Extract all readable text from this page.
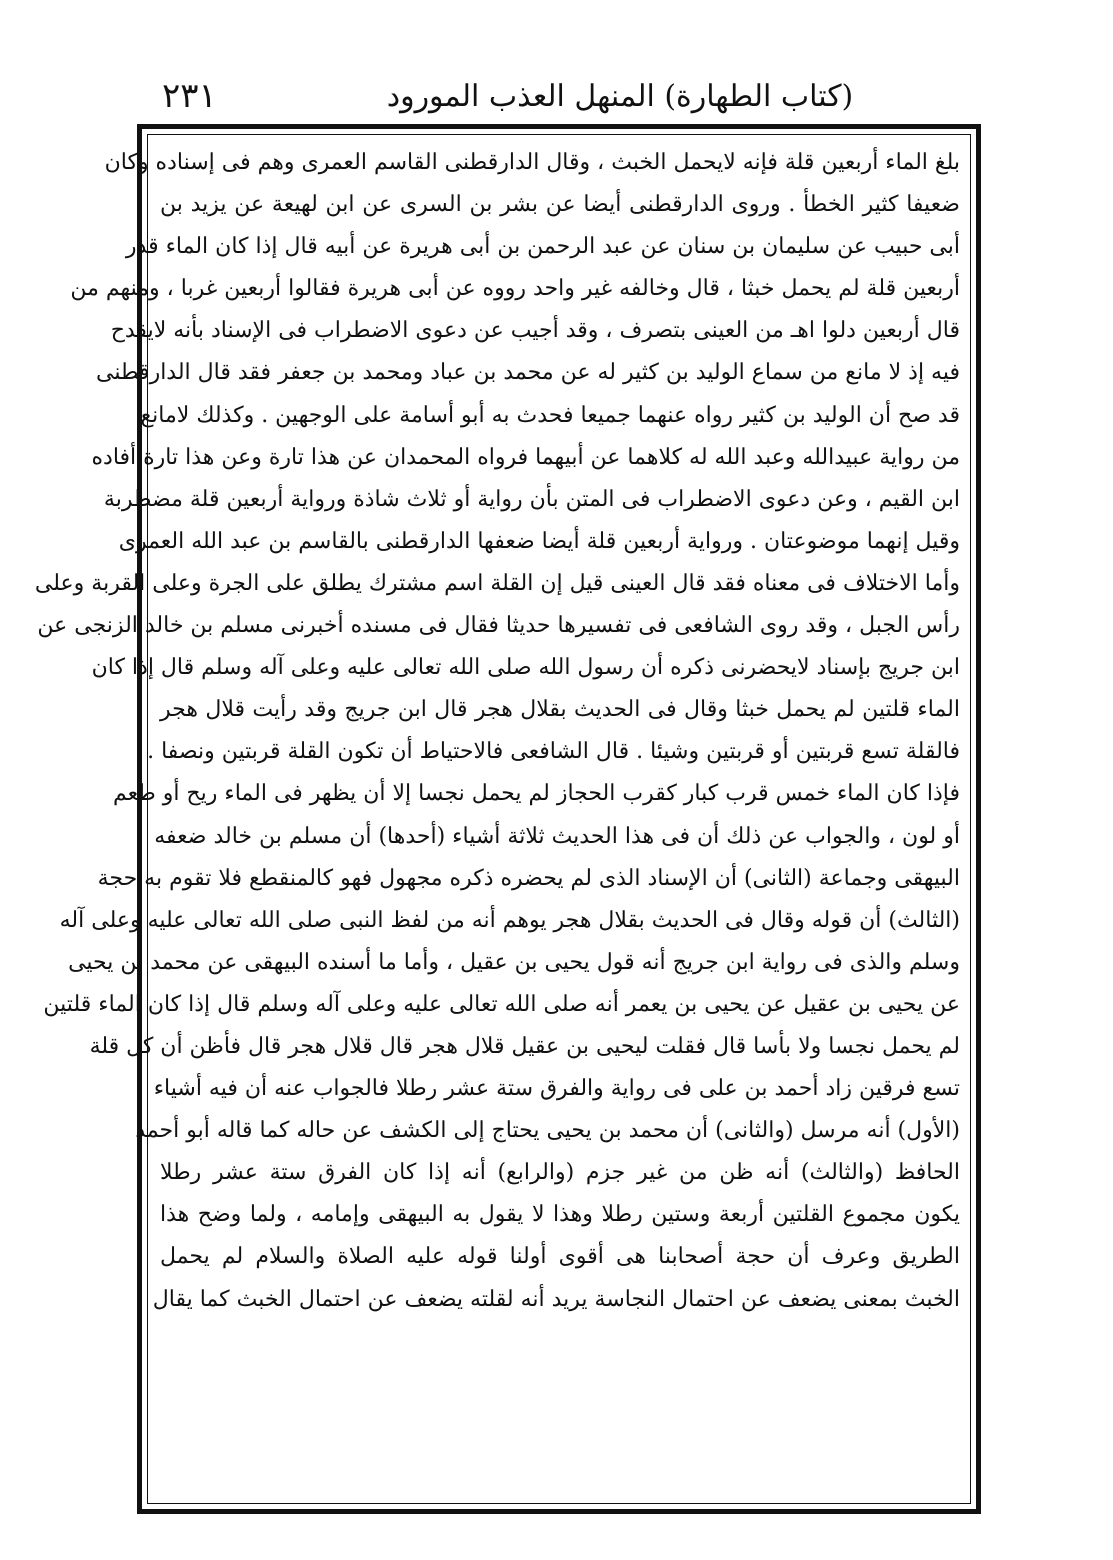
٢٣١	(كتاب الطهارة) المنهل العذب المورود
بلغ الماء أربعين قلة فإنه لايحمل الخبث ، وقال الدارقطنى القاسم العمرى وهم فى إسناده وكان
ضعيفا كثير الخطأ . وروى الدارقطنى أيضا عن بشر بن السرى عن ابن لهيعة عن يزيد بن
أبى حبيب عن سليمان بن سنان عن عبد الرحمن بن أبى هريرة عن أبيه قال إذا كان الماء قدر
أربعين قلة لم يحمل خبثا ، قال وخالفه غير واحد رووه عن أبى هريرة فقالوا أربعين غربا ، ومنهم من
قال أربعين دلوا اهـ من العينى بتصرف ، وقد أجيب عن دعوى الاضطراب فى الإسناد بأنه لايقدح
فيه إذ لا مانع من سماع الوليد بن كثير له عن محمد بن عباد ومحمد بن جعفر فقد قال الدارقطنى
قد صح أن الوليد بن كثير رواه عنهما جميعا فحدث به أبو أسامة على الوجهين . وكذلك لامانع
من رواية عبيدالله وعبد الله له كلاهما عن أبيهما فرواه المحمدان عن هذا تارة وعن هذا تارة أفاده
ابن القيم ، وعن دعوى الاضطراب فى المتن بأن رواية أو ثلاث شاذة ورواية أربعين قلة مضطربة
وقيل إنهما موضوعتان . ورواية أربعين قلة أيضا ضعفها الدارقطنى بالقاسم بن عبد الله العمرى
وأما الاختلاف فى معناه فقد قال العينى قيل إن القلة اسم مشترك يطلق على الجرة وعلى القربة وعلى
رأس الجبل ، وقد روى الشافعى فى تفسيرها حديثا فقال فى مسنده أخبرنى مسلم بن خالد الزنجى عن
ابن جريج بإسناد لايحضرنى ذكره أن رسول الله صلى الله تعالى عليه وعلى آله وسلم قال إذا كان
الماء قلتين لم يحمل خبثا وقال فى الحديث بقلال هجر قال ابن جريج وقد رأيت قلال هجر
فالقلة تسع قربتين أو قربتين وشيئا . قال الشافعى فالاحتياط أن تكون القلة قربتين ونصفا .
فإذا كان الماء خمس قرب كبار كقرب الحجاز لم يحمل نجسا إلا أن يظهر فى الماء ريح أو طعم
أو لون ، والجواب عن ذلك أن فى هذا الحديث ثلاثة أشياء (أحدها) أن مسلم بن خالد ضعفه
البيهقى وجماعة (الثانى) أن الإسناد الذى لم يحضره ذكره مجهول فهو كالمنقطع فلا تقوم به حجة
(الثالث) أن قوله وقال فى الحديث بقلال هجر يوهم أنه من لفظ النبى صلى الله تعالى عليه وعلى آله
وسلم والذى فى رواية ابن جريج أنه قول يحيى بن عقيل ، وأما ما أسنده البيهقى عن محمد بن يحيى
عن يحيى بن عقيل عن يحيى بن يعمر أنه صلى الله تعالى عليه وعلى آله وسلم قال إذا كان الماء قلتين
لم يحمل نجسا ولا بأسا قال فقلت ليحيى بن عقيل قلال هجر قال قلال هجر قال فأظن أن كل قلة
تسع فرقين زاد أحمد بن على فى رواية والفرق ستة عشر رطلا فالجواب عنه أن فيه أشياء
(الأول) أنه مرسل (والثانى) أن محمد بن يحيى يحتاج إلى الكشف عن حاله كما قاله أبو أحمد
الحافظ (والثالث) أنه ظن من غير جزم (والرابع) أنه إذا كان الفرق ستة عشر رطلا
يكون مجموع القلتين أربعة وستين رطلا وهذا لا يقول به البيهقى وإمامه ، ولما وضح هذا
الطريق وعرف أن حجة أصحابنا هى أقوى أولنا قوله عليه الصلاة والسلام لم يحمل
الخبث بمعنى يضعف عن احتمال النجاسة يريد أنه لقلته يضعف عن احتمال الخبث كما يقال
